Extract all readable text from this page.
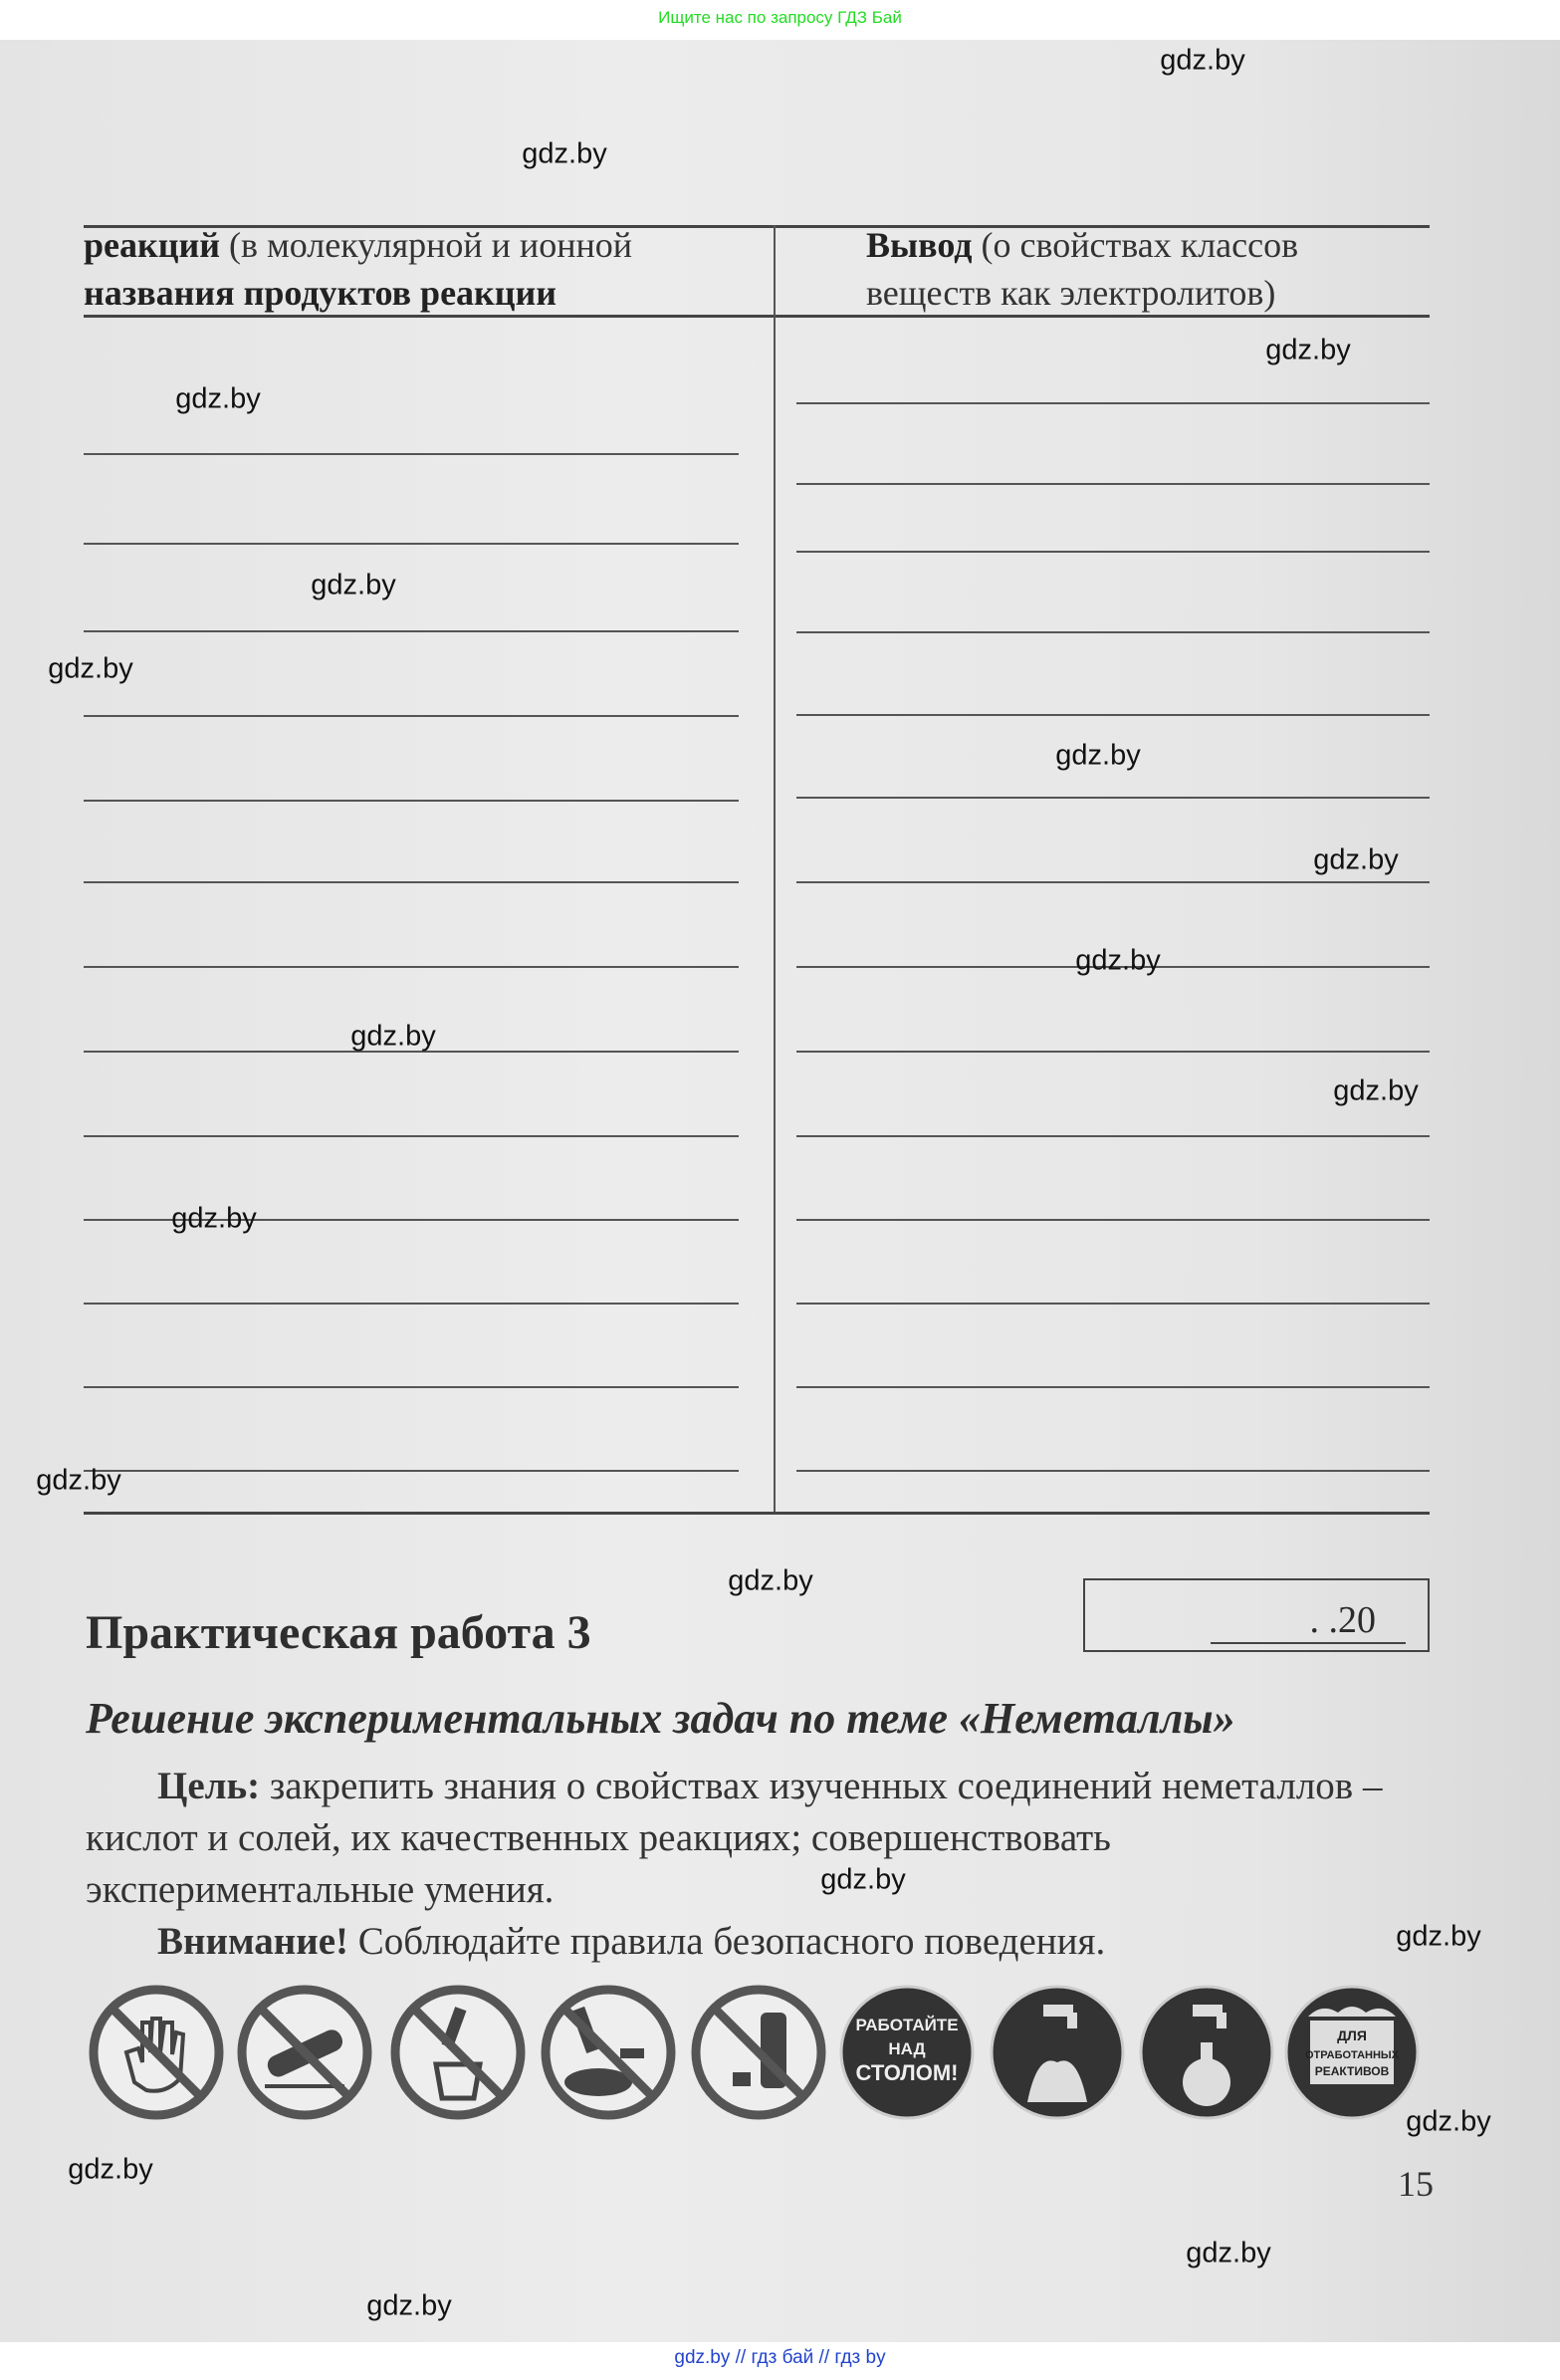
Ищите нас по запросу ГДЗ Бай
реакций (в молекулярной и ионной
названия продуктов реакции
Вывод (о свойствах классов
веществ как электролитов)
. .20
Практическая работа 3
Решение экспериментальных задач по теме «Неметаллы»
Цель: закрепить знания о свойствах изученных соединений неметаллов – кислот и солей, их качественных реакциях; совершенствовать экспериментальные умения.
Внимание! Соблюдайте правила безопасного поведения.
РАБОТАЙТЕ
НАД
СТОЛОМ!
ДЛЯ
ОТРАБОТАННЫХ
РЕАКТИВОВ
15
gdz.by
gdz.by
gdz.by
gdz.by
gdz.by
gdz.by
gdz.by
gdz.by
gdz.by
gdz.by
gdz.by
gdz.by
gdz.by
gdz.by
gdz.by
gdz.by
gdz.by
gdz.by
gdz.by
gdz.by
gdz.by // гдз бай // гдз by
